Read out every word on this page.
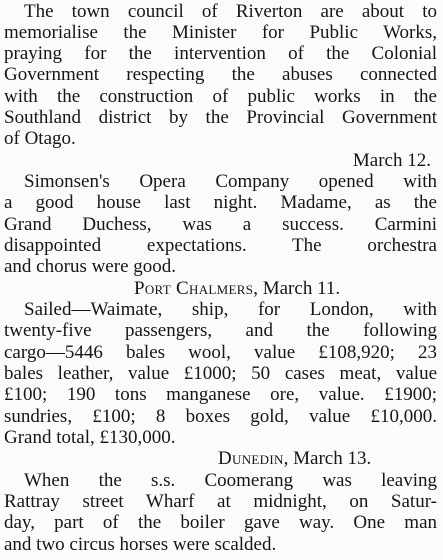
The town council of Riverton are about to
memorialise the Minister for Public Works,
praying for the intervention of the Colonial
Government respecting the abuses connected
with the construction of public works in the
Southland district by the Provincial Government
of Otago.
March 12.
Simonsen's Opera Company opened with
a good house last night. Madame, as the
Grand Duchess, was a success. Carmini
disappointed expectations. The orchestra
and chorus were good.
Port Chalmers, March 11.
Sailed—Waimate, ship, for London, with
twenty-five passengers, and the following
cargo—5446 bales wool, value £108,920; 23
bales leather, value £1000; 50 cases meat, value
£100; 190 tons manganese ore, value. £1900;
sundries, £100; 8 boxes gold, value £10,000.
Grand total, £130,000.
Dunedin, March 13.
When the s.s. Coomerang was leaving
Rattray street Wharf at midnight, on Satur-
day, part of the boiler gave way. One man
and two circus horses were scalded.
